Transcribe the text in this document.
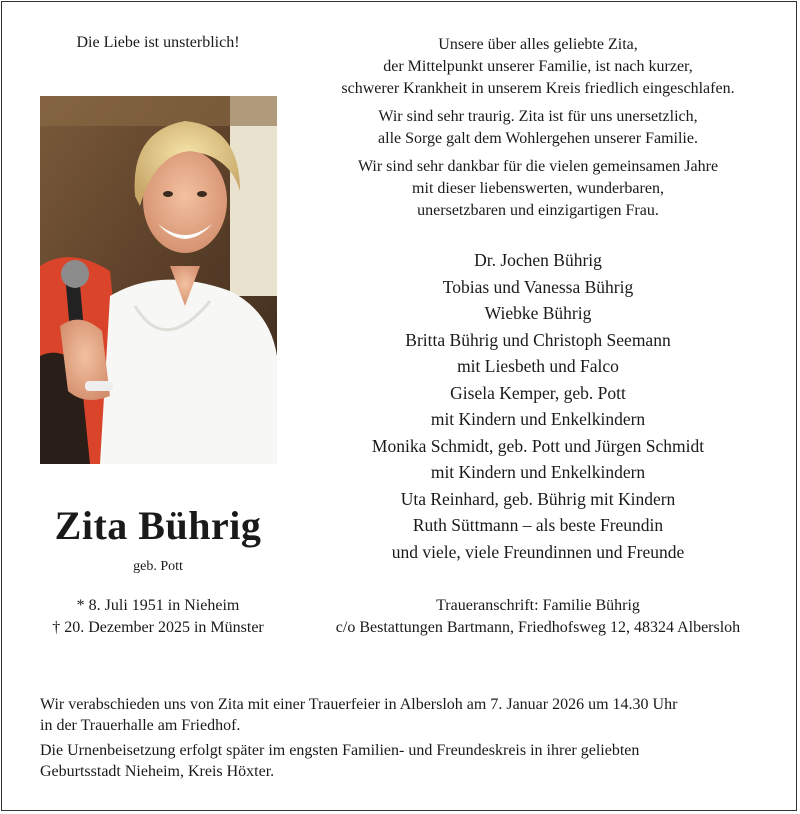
Die Liebe ist unsterblich!
Zita Bührig
geb. Pott
* 8. Juli 1951 in Nieheim
† 20. Dezember 2025 in Münster
Unsere über alles geliebte Zita,
der Mittelpunkt unserer Familie, ist nach kurzer,
schwerer Krankheit in unserem Kreis friedlich eingeschlafen.
Wir sind sehr traurig. Zita ist für uns unersetzlich,
alle Sorge galt dem Wohlergehen unserer Familie.
Wir sind sehr dankbar für die vielen gemeinsamen Jahre
mit dieser liebenswerten, wunderbaren,
unersetzbaren und einzigartigen Frau.
Dr. Jochen Bührig
Tobias und Vanessa Bührig
Wiebke Bührig
Britta Bührig und Christoph Seemann
mit Liesbeth und Falco
Gisela Kemper, geb. Pott
mit Kindern und Enkelkindern
Monika Schmidt, geb. Pott und Jürgen Schmidt
mit Kindern und Enkelkindern
Uta Reinhard, geb. Bührig mit Kindern
Ruth Süttmann – als beste Freundin
und viele, viele Freundinnen und Freunde
Traueranschrift: Familie Bührig
c/o Bestattungen Bartmann, Friedhofsweg 12, 48324 Albersloh
Wir verabschieden uns von Zita mit einer Trauerfeier in Albersloh am 7. Januar 2026 um 14.30 Uhr
in der Trauerhalle am Friedhof.
Die Urnenbeisetzung erfolgt später im engsten Familien- und Freundeskreis in ihrer geliebten
Geburtsstadt Nieheim, Kreis Höxter.
